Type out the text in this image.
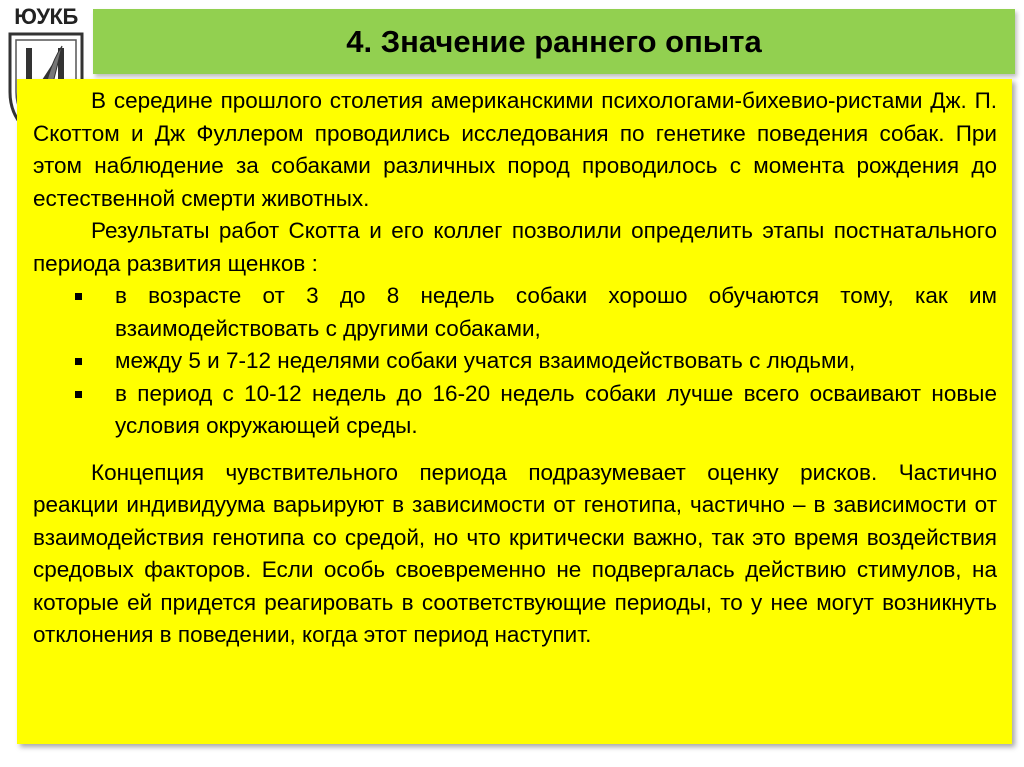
ЮУКБ
4. Значение раннего опыта

В середине прошлого столетия американскими психологами-бихевио-ристами Дж. П. Скоттом и Дж Фуллером проводились исследования по генетике поведения собак. При этом наблюдение за собаками различных пород проводилось с момента рождения до естественной смерти животных.

Результаты работ Скотта и его коллег позволили определить этапы постнатального периода развития щенков :

в возрасте от 3 до 8 недель собаки хорошо обучаются тому, как им взаимодействовать с другими собаками,
между 5 и 7-12 неделями собаки учатся взаимодействовать с людьми,
в период с 10-12 недель до 16-20 недель собаки лучше всего осваивают новые условия окружающей среды.

Концепция чувствительного периода подразумевает оценку рисков. Частично реакции индивидуума варьируют в зависимости от генотипа, частично – в зависимости от взаимодействия генотипа со средой, но что критически важно, так это время воздействия средовых факторов. Если особь своевременно не подвергалась действию стимулов, на которые ей придется реагировать в соответствующие периоды, то у нее могут возникнуть отклонения в поведении, когда этот период наступит.
